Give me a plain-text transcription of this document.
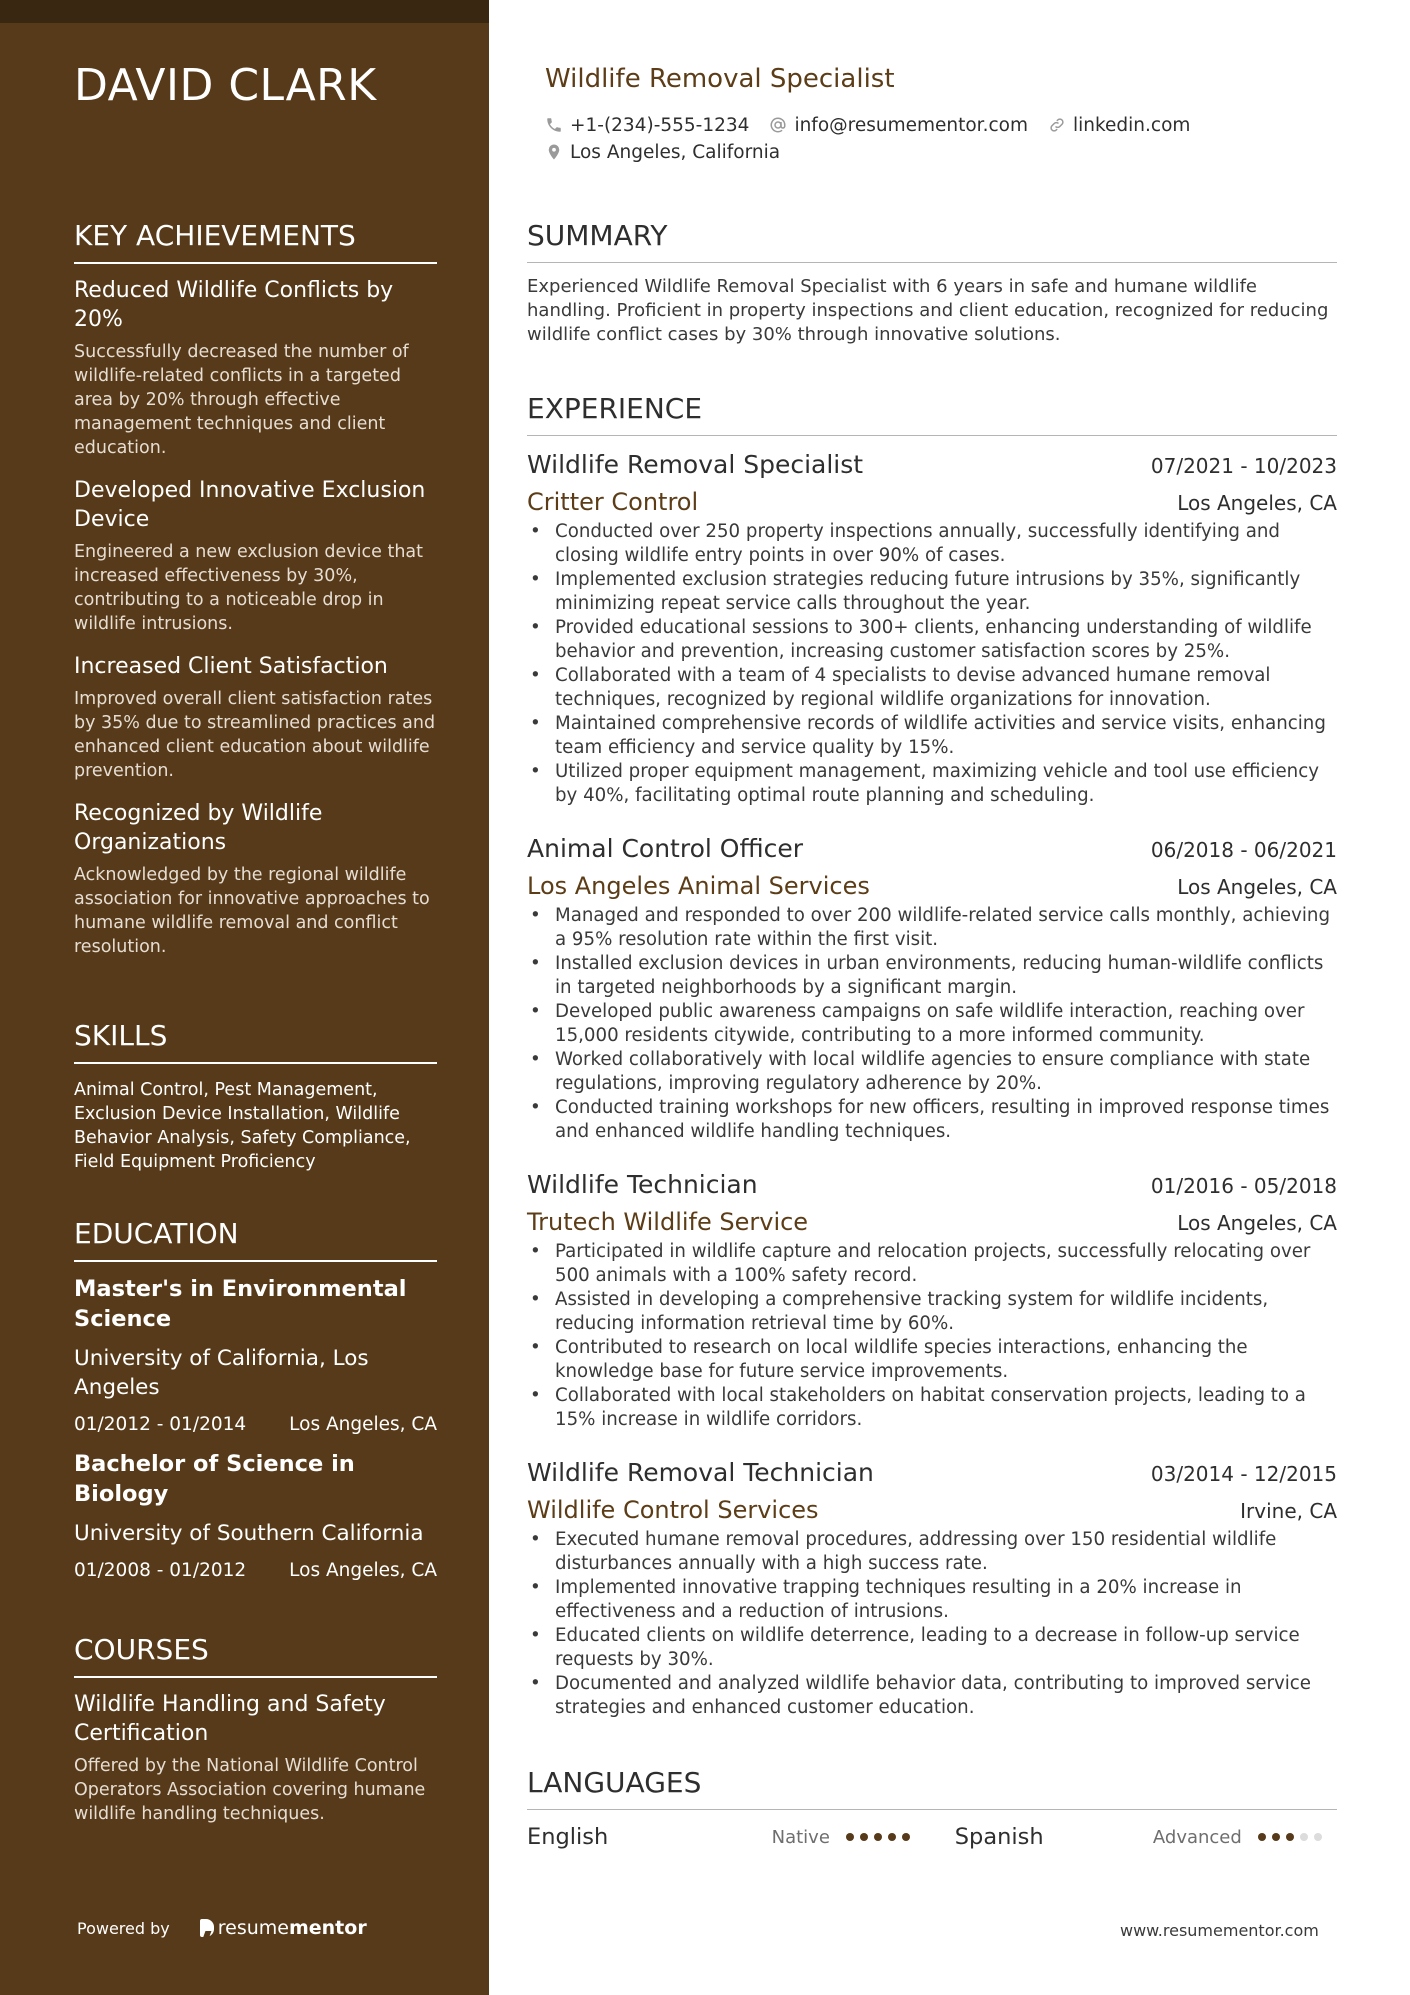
DAVID CLARK
KEY ACHIEVEMENTS
Reduced Wildlife Conflicts by 20%
Successfully decreased the number of wildlife-related conflicts in a targeted area by 20% through effective management techniques and client education.
Developed Innovative Exclusion Device
Engineered a new exclusion device that increased effectiveness by 30%, contributing to a noticeable drop in wildlife intrusions.
Increased Client Satisfaction
Improved overall client satisfaction rates by 35% due to streamlined practices and enhanced client education about wildlife prevention.
Recognized by Wildlife Organizations
Acknowledged by the regional wildlife association for innovative approaches to humane wildlife removal and conflict resolution.
SKILLS
Animal Control, Pest Management, Exclusion Device Installation, Wildlife Behavior Analysis, Safety Compliance, Field Equipment Proficiency
EDUCATION
Master's in Environmental Science
University of California, Los Angeles
01/2012 - 01/2014 Los Angeles, CA
Bachelor of Science in Biology
University of Southern California
01/2008 - 01/2012 Los Angeles, CA
COURSES
Wildlife Handling and Safety Certification
Offered by the National Wildlife Control Operators Association covering humane wildlife handling techniques.
Powered by	resume mentor
Wildlife Removal Specialist
+1-(234)-555-1234 info@resumementor.com linkedin.com
Los Angeles, California
SUMMARY
Experienced Wildlife Removal Specialist with 6 years in safe and humane wildlife handling. Proficient in property inspections and client education, recognized for reducing wildlife conflict cases by 30% through innovative solutions.
EXPERIENCE
Wildlife Removal Specialist	07/2021 - 10/2023
Critter Control	Los Angeles, CA
• Conducted over 250 property inspections annually, successfully identifying and closing wildlife entry points in over 90% of cases.
• Implemented exclusion strategies reducing future intrusions by 35%, significantly minimizing repeat service calls throughout the year.
• Provided educational sessions to 300+ clients, enhancing understanding of wildlife behavior and prevention, increasing customer satisfaction scores by 25%.
• Collaborated with a team of 4 specialists to devise advanced humane removal techniques, recognized by regional wildlife organizations for innovation.
• Maintained comprehensive records of wildlife activities and service visits, enhancing team efficiency and service quality by 15%.
• Utilized proper equipment management, maximizing vehicle and tool use efficiency by 40%, facilitating optimal route planning and scheduling.
Animal Control Officer	06/2018 - 06/2021
Los Angeles Animal Services	Los Angeles, CA
• Managed and responded to over 200 wildlife-related service calls monthly, achieving a 95% resolution rate within the first visit.
• Installed exclusion devices in urban environments, reducing human-wildlife conflicts in targeted neighborhoods by a significant margin.
• Developed public awareness campaigns on safe wildlife interaction, reaching over 15,000 residents citywide, contributing to a more informed community.
• Worked collaboratively with local wildlife agencies to ensure compliance with state regulations, improving regulatory adherence by 20%.
• Conducted training workshops for new officers, resulting in improved response times and enhanced wildlife handling techniques.
Wildlife Technician	01/2016 - 05/2018
Trutech Wildlife Service	Los Angeles, CA
• Participated in wildlife capture and relocation projects, successfully relocating over 500 animals with a 100% safety record.
• Assisted in developing a comprehensive tracking system for wildlife incidents, reducing information retrieval time by 60%.
• Contributed to research on local wildlife species interactions, enhancing the knowledge base for future service improvements.
• Collaborated with local stakeholders on habitat conservation projects, leading to a 15% increase in wildlife corridors.
Wildlife Removal Technician	03/2014 - 12/2015
Wildlife Control Services	Irvine, CA
• Executed humane removal procedures, addressing over 150 residential wildlife disturbances annually with a high success rate.
• Implemented innovative trapping techniques resulting in a 20% increase in effectiveness and a reduction of intrusions.
• Educated clients on wildlife deterrence, leading to a decrease in follow-up service requests by 30%.
• Documented and analyzed wildlife behavior data, contributing to improved service strategies and enhanced customer education.
LANGUAGES
English	Native	Spanish	Advanced
www.resumementor.com
